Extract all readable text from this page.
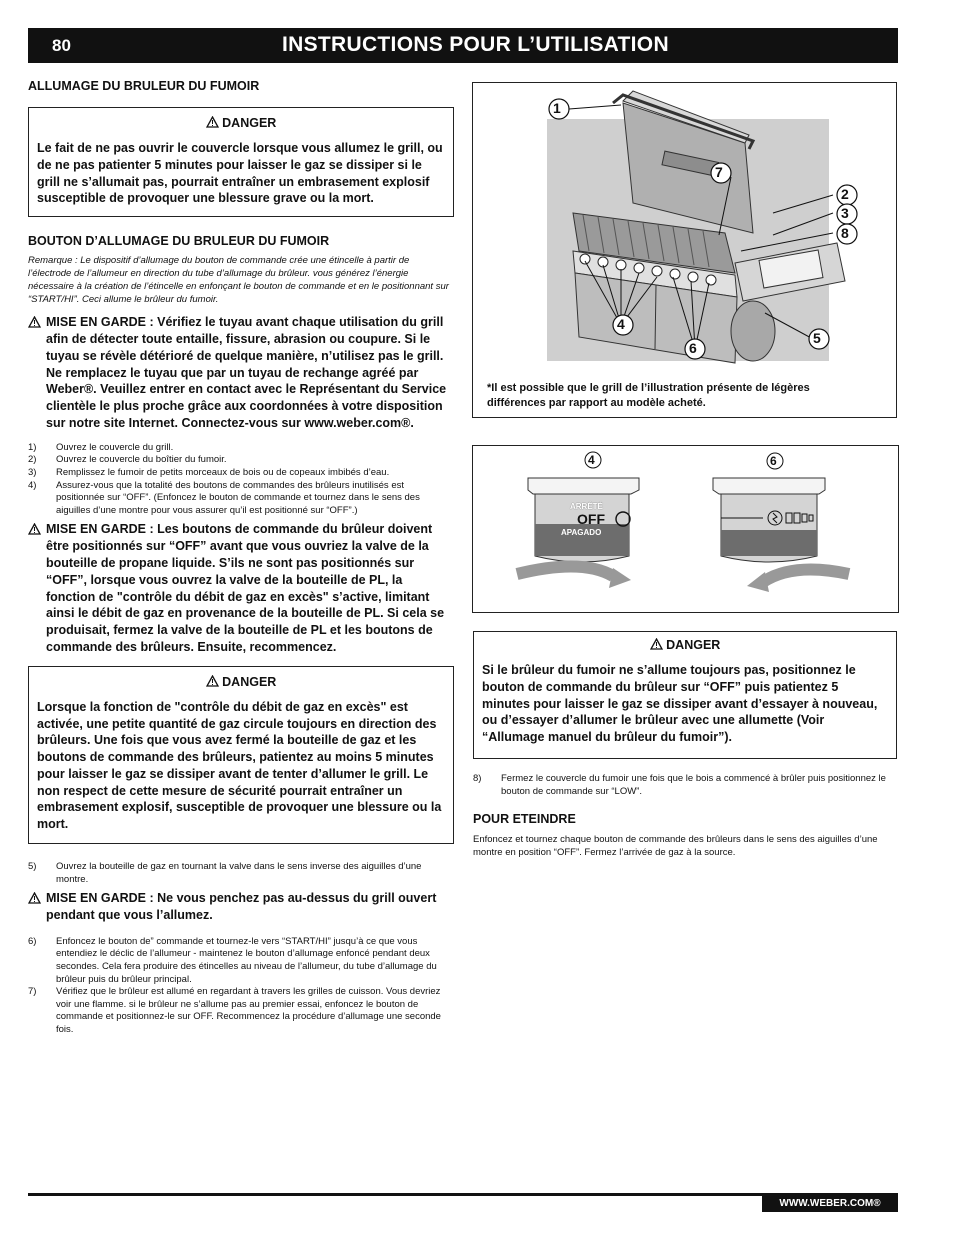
80	INSTRUCTIONS POUR L’UTILISATION

ALLUMAGE DU BRULEUR DU FUMOIR

DANGER
Le fait de ne pas ouvrir le couvercle lorsque vous allumez le grill, ou de ne pas patienter 5 minutes pour laisser le gaz se dissiper si le grill ne s’allumait pas, pourrait entraîner un embrasement explosif susceptible de provoquer une blessure grave ou la mort.

BOUTON D’ALLUMAGE DU BRULEUR DU FUMOIR

Remarque : Le dispositif d’allumage du bouton de commande crée une étincelle à partir de l’électrode de l’allumeur en direction du tube d’allumage du brûleur. vous générez l’énergie nécessaire à la création de l’étincelle en enfonçant le bouton de commande et en le positionnant sur “START/HI”. Ceci allume le brûleur du fumoir.
MISE EN GARDE : Vérifiez le tuyau avant chaque utilisation du grill afin de détecter toute entaille, fissure, abrasion ou coupure. Si le tuyau se révèle détérioré de quelque manière, n’utilisez pas le grill. Ne remplacez le tuyau que par un tuyau de rechange agréé par Weber®. Veuillez entrer en contact avec le Représentant du Service clientèle le plus proche grâce aux coordonnées à votre disposition sur notre site Internet. Connectez-vous sur www.weber.com®.
1) Ouvrez le couvercle du grill.
2) Ouvrez le couvercle du boîtier du fumoir.
3) Remplissez le fumoir de petits morceaux de bois ou de copeaux imbibés d’eau.
4) Assurez-vous que la totalité des boutons de commandes des brûleurs inutilisés est positionnée sur “OFF”. (Enfoncez le bouton de commande et tournez dans le sens des aiguilles d’une montre pour vous assurer qu’il est positionné sur “OFF”.)
MISE EN GARDE : Les boutons de commande du brûleur doivent être positionnés sur “OFF” avant que vous ouvriez la valve de la bouteille de propane liquide. S’ils ne sont pas positionnés sur “OFF”, lorsque vous ouvrez la valve de la bouteille de PL, la fonction de "contrôle du débit de gaz en excès" s’active, limitant ainsi le débit de gaz en provenance de la bouteille de PL. Si cela se produisait, fermez la valve de la bouteille de PL et les boutons de commande des brûleurs. Ensuite, recommencez.
DANGER
Lorsque la fonction de "contrôle du débit de gaz en excès" est activée, une petite quantité de gaz circule toujours en direction des brûleurs. Une fois que vous avez fermé la bouteille de gaz et les boutons de commande des brûleurs, patientez au moins 5 minutes pour laisser le gaz se dissiper avant de tenter d’allumer le grill. Le non respect de cette mesure de sécurité pourrait entraîner un embrasement explosif, susceptible de provoquer une blessure ou la mort.
5) Ouvrez la bouteille de gaz en tournant la valve dans le sens inverse des aiguilles d’une montre.
MISE EN GARDE : Ne vous penchez pas au-dessus du grill ouvert pendant que vous l’allumez.
6) Enfoncez le bouton de” commande et tournez-le vers “START/HI” jusqu’à ce que vous entendiez le déclic de l’allumeur - maintenez le bouton d’allumage enfoncé pendant deux secondes. Cela fera produire des étincelles au niveau de l’allumeur, du tube d’allumage du brûleur puis du brûleur principal.
7) Vérifiez que le brûleur est allumé en regardant à travers les grilles de cuisson. Vous devriez voir une flamme. si le brûleur ne s’allume pas au premier essai, enfoncez le bouton de commande et positionnez-le sur OFF. Recommencez la procédure d’allumage une seconde fois.
1
7
2
3
8
4
6
5
*Il est possible que le grill de l’illustration présente de légères différences par rapport au modèle acheté.
4	6
ARRÊTÉ
OFF
APAGADO
DANGER
Si le brûleur du fumoir ne s’allume toujours pas, positionnez le bouton de commande du brûleur sur “OFF” puis patientez 5 minutes pour laisser le gaz se dissiper avant d’essayer à nouveau, ou d’essayer d’allumer le brûleur avec une allumette (Voir “Allumage manuel du brûleur du fumoir”).
8) Fermez le couvercle du fumoir une fois que le bois a commencé à brûler puis positionnez le bouton de commande sur “LOW”.

POUR ETEINDRE

Enfoncez et tournez chaque bouton de commande des brûleurs dans le sens des aiguilles d’une montre en position “OFF”. Fermez l’arrivée de gaz à la source.
WWW.WEBER.COM®
